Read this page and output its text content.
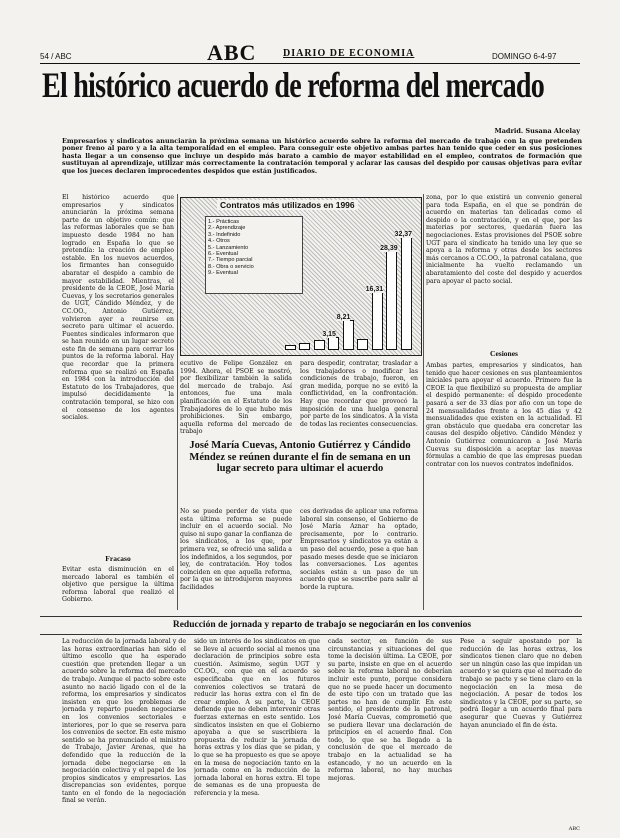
54 / ABC	ABC	DIARIO DE ECONOMIA	DOMINGO 6-4-97
El histórico acuerdo de reforma del mercado
Madrid. Susana Alcelay
Empresarios y sindicatos anunciarán la próxima semana un histórico acuerdo sobre la reforma del mercado de trabajo con la que pretenden poner freno al paro y a la alta temporalidad en el empleo. Para conseguir este objetivo ambas partes han tenido que ceder en sus posiciones hasta llegar a un consenso que incluye un despido más barato a cambio de mayor estabilidad en el empleo, contratos de formación que sustituyan al aprendizaje, utilizar más correctamente la contratación temporal y aclarar las causas del despido por causas objetivas para evitar que los jueces declaren improcedentes despidos que están justificados.
El histórico acuerdo que empresarios y sindicatos anunciarán la próxima semana parte de un objetivo común: que las reformas laborales que se han impuesto desde 1984 no han logrado en España lo que se pretendía: la creación de empleo estable. En los nuevos acuerdos, los firmantes han conseguido abaratar el despido a cambio de mayor estabilidad. Mientras, el presidente de la CEOE, José María Cuevas, y los secretarios generales de UGT, Cándido Méndez, y de CC.OO., Antonio Gutiérrez, volvieron ayer a reunirse en secreto para ultimar el acuerdo. Fuentes sindicales informaron que se han reunido en un lugar secreto este fin de semana para cerrar los puntos de la reforma laboral. Hay que recordar que la primera reforma que se realizó en España en 1984 con la introducción del Estatuto de los Trabajadores, que impulsó decididamente la contratación temporal, se hizo con el consenso de los agentes sociales.
Fracaso
Evitar esta disminución en el mercado laboral es también el objetivo que persigue la última reforma laboral que realizó el Gobierno.
Contratos más utilizados en 1996
1.- Prácticas
2.- Aprendizaje
3.- Indefinido
4.- Otros
5.- Lanzamiento
6.- Eventual
7.- Tiempo parcial
8.- Obra o servicio
9.- Eventual
3,15
8,21
16,31
28,39
32,37
ecutivo de Felipe González en 1994. Ahora, el PSOE se mostró, por flexibilizar también la salida del mercado de trabajo. Así entonces, fue una mala planificación en el Estatuto de los Trabajadores de lo que hubo más prohibiciones. Sin embargo, aquella reforma del mercado de trabajo
para despedir, contratar, trasladar a los trabajadores o modificar las condiciones de trabajo, fueron, en gran medida, porque no se evitó la conflictividad, en la confrontación. Hay que recordar que provocó la imposición de una huelga general por parte de los sindicatos. A la vista de todas las recientes consecuencias.
José María Cuevas, Antonio Gutiérrez y Cándido Méndez se reúnen durante el fin de semana en un lugar secreto para ultimar el acuerdo
No se puede perder de vista que esta última reforma se puede incluir en el acuerdo social. No quiso ni supo ganar la confianza de los sindicatos, a los que, por primera vez, se ofreció una salida a los indefinidos, a los segundos, por ley, de contratación. Hoy todos coinciden en que aquella reforma, por la que se introdujeron mayores facilidades
ces derivadas de aplicar una reforma laboral sin consenso, el Gobierno de José María Aznar ha optado, precisamente, por lo contrario. Empresarios y sindicatos ya están a un paso del acuerdo, pese a que han pasado meses desde que se iniciaron las conversaciones. Los agentes sociales están a un paso de un acuerdo que se suscribe para salir al borde la ruptura.
zona, por lo que existirá un convenio general para toda España, en el que se pondrán de acuerdo en materias tan delicadas como el despido o la contratación, y en el que, por las materias por sectores, quedarán fuera las negociaciones. Estas provisiones del PSOE sobre UGT para el sindicato ha tenido una ley que se apoya a la reforma y otras desde los sectores más cercanos a CC.OO., la patronal catalana, que inicialmente ha vuelto reclamando un abaratamiento del coste del despido y acuerdos para apoyar el pacto social.
Cesiones
Ambas partes, empresarios y sindicatos, han tenido que hacer cesiones en sus planteamientos iniciales para apoyar el acuerdo. Primero fue la CEOE la que flexibilizó su propuesta de ampliar el despido permanente: el despido procedente pasará a ser de 33 días por año con un tope de 24 mensualidades frente a los 45 días y 42 mensualidades que existen en la actualidad. El gran obstáculo que quedaba era concretar las causas del despido objetivo. Cándido Méndez y Antonio Gutiérrez comunicaron a José María Cuevas su disposición a aceptar las nuevas fórmulas a cambio de que las empresas puedan contratar con los nuevos contratos indefinidos.
Reducción de jornada y reparto de trabajo se negociarán en los convenios
La reducción de la jornada laboral y de las horas extraordinarias han sido el último escollo que ha esperado cuestión que pretenden llegar a un acuerdo sobre la reforma del mercado de trabajo. Aunque el pacto sobre este asunto no nació ligado con el de la reforma, los empresarios y sindicatos insisten en que los problemas de jornada y reparto pueden negociarse en los convenios sectoriales e interiores, por lo que se reserva para los convenios de sector. En este mismo sentido se ha pronunciado el ministro de Trabajo, Javier Arenas, que ha defendido que la reducción de la jornada debe negociarse en la negociación colectiva y el papel de los propios sindicatos y empresarios. Las discrepancias son evidentes, porque tanto en el fondo de la negociación final se verán.
sido un interés de los sindicatos en que se lleve al acuerdo social al menos una declaración de principios sobre esta cuestión. Asimismo, según UGT y CC.OO., con que en el acuerdo se especificaba que en los futuros convenios colectivos se tratará de reducir las horas extra con el fin de crear empleo. A su parte, la CEOE defiende que no deben intervenir otras fuerzas externas en este sentido. Los sindicatos insisten en que el Gobierno apoyaba a que se suscribiera la propuesta de reducir la jornada de horas extras y los días que se pidan, y lo que se ha propuesto es que se apoye en la mesa de negociación tanto en la jornada como en la reducción de la jornada laboral en horas extra. El tope de semanas es de una propuesta de referencia y la mesa.
cada sector, en función de sus circunstancias y situaciones del que tome la decisión última. La CEOE, por su parte, insiste en que en el acuerdo sobre la reforma laboral no deberían incluir este punto, porque considera que no se puede hacer un documento de este tipo con un tratado que las partes no han de cumplir. En este sentido, el presidente de la patronal, José María Cuevas, comprometió que se pudiera llevar una declaración de principios en el acuerdo final. Con todo, lo que se ha llegado a la conclusión de que el mercado de trabajo en la actualidad se ha estancado, y no un acuerdo en la reforma laboral, no hay muchas mejoras.
Pese a seguir apostando por la reducción de las horas extras, los sindicatos tienen claro que no deben ser un ningún caso las que impidan un acuerdo y se quiera que el mercado de trabajo se pacte y se tiene claro en la negociación en la mesa de negociación. A pesar de todos los sindicatos y la CEOE, por su parte, se podrá llegar a un acuerdo final para asegurar que Cuevas y Gutiérrez hayan anunciado el fin de ésta.
ABC
